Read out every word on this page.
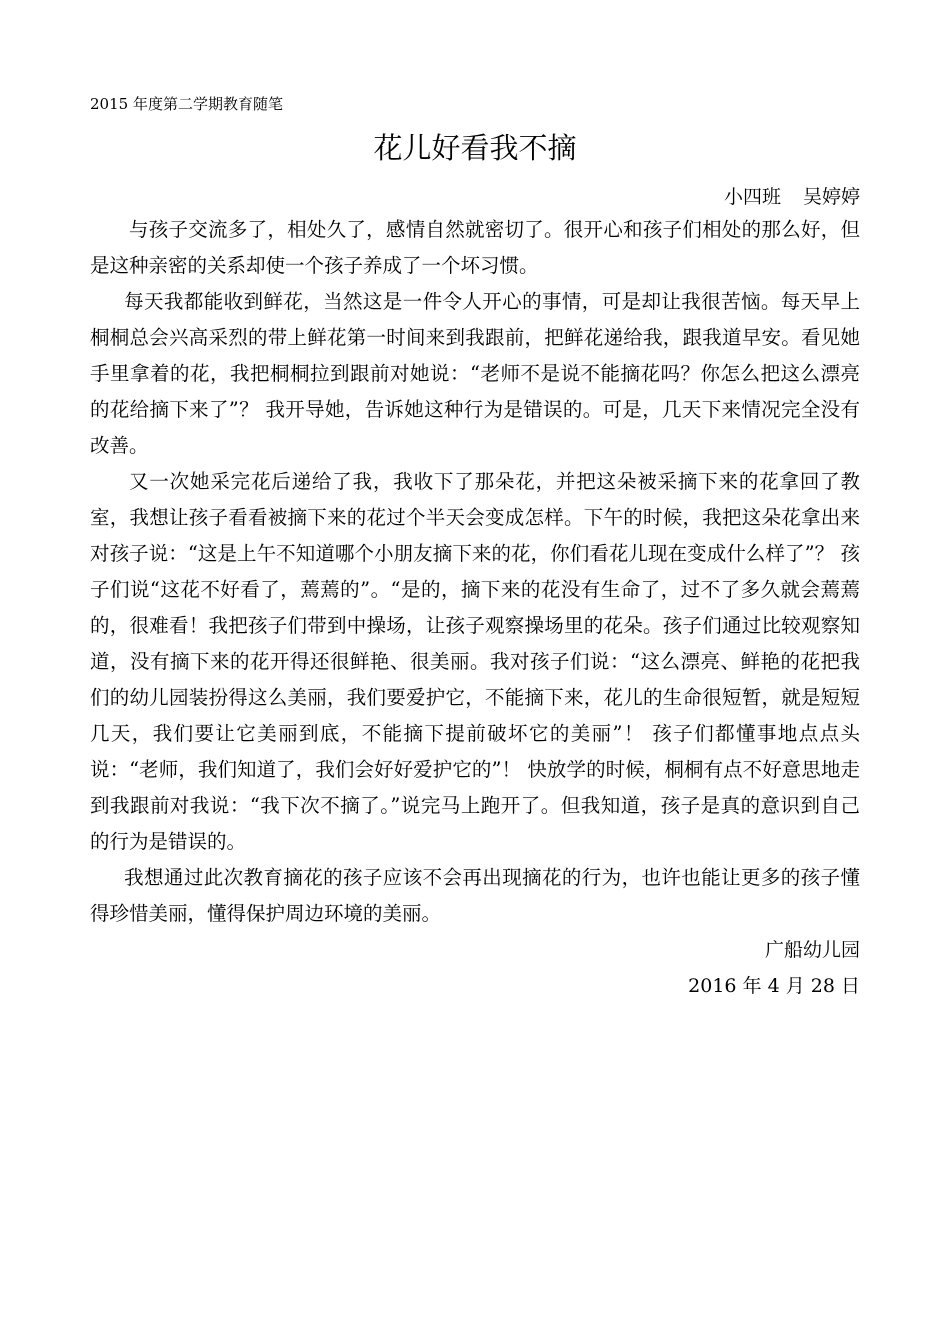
2015 年度第二学期教育随笔
花儿好看我不摘
小四班 吴婷婷

与孩子交流多了，相处久了，感情自然就密切了。很开心和孩子们相处的那么好，但是这种亲密的关系却使一个孩子养成了一个坏习惯。

每天我都能收到鲜花，当然这是一件令人开心的事情，可是却让我很苦恼。每天早上桐桐总会兴高采烈的带上鲜花第一时间来到我跟前，把鲜花递给我，跟我道早安。看见她手里拿着的花，我把桐桐拉到跟前对她说：“老师不是说不能摘花吗？你怎么把这么漂亮的花给摘下来了”？ 我开导她，告诉她这种行为是错误的。可是，几天下来情况完全没有改善。

又一次她采完花后递给了我，我收下了那朵花，并把这朵被采摘下来的花拿回了教室，我想让孩子看看被摘下来的花过个半天会变成怎样。下午的时候，我把这朵花拿出来对孩子说：“这是上午不知道哪个小朋友摘下来的花，你们看花儿现在变成什么样了”？ 孩子们说“这花不好看了，蔫蔫的”。“是的，摘下来的花没有生命了，过不了多久就会蔫蔫的，很难看！我把孩子们带到中操场，让孩子观察操场里的花朵。孩子们通过比较观察知道，没有摘下来的花开得还很鲜艳、很美丽。我对孩子们说：“这么漂亮、鲜艳的花把我们的幼儿园装扮得这么美丽，我们要爱护它，不能摘下来，花儿的生命很短暂，就是短短几天，我们要让它美丽到底，不能摘下提前破坏它的美丽”！ 孩子们都懂事地点点头说：“老师，我们知道了，我们会好好爱护它的”！ 快放学的时候，桐桐有点不好意思地走到我跟前对我说：“我下次不摘了。”说完马上跑开了。但我知道，孩子是真的意识到自己的行为是错误的。

我想通过此次教育摘花的孩子应该不会再出现摘花的行为，也许也能让更多的孩子懂得珍惜美丽，懂得保护周边环境的美丽。

广船幼儿园
2016 年 4 月 28 日
